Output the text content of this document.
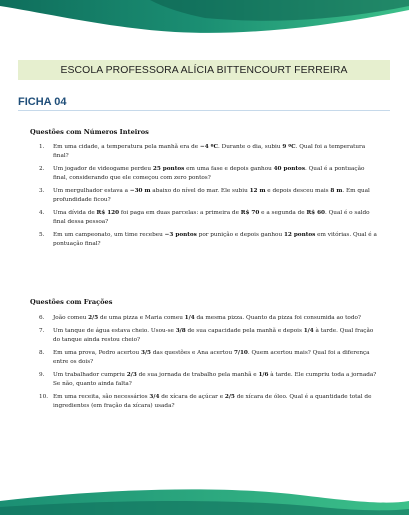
ESCOLA PROFESSORA ALÍCIA BITTENCOURT FERREIRA
FICHA 04
Questões com Números Inteiros
1.	Em uma cidade, a temperatura pela manhã era de −4 ºC. Durante o dia, subiu 9 ºC. Qual foi a temperatura final?
2.	Um jogador de videogame perdeu 25 pontos em uma fase e depois ganhou 40 pontos. Qual é a pontuação final, considerando que ele começou com zero pontos?
3.	Um mergulhador estava a −30 m abaixo do nível do mar. Ele subiu 12 m e depois desceu mais 8 m. Em qual profundidade ficou?
4.	Uma dívida de R$ 120 foi paga em duas parcelas: a primeira de R$ 70 e a segunda de R$ 60. Qual é o saldo final dessa pessoa?
5.	Em um campeonato, um time recebeu −3 pontos por punição e depois ganhou 12 pontos em vitórias. Qual é a pontuação final?
Questões com Frações
6.	João comeu 2/5 de uma pizza e Maria comeu 1/4 da mesma pizza. Quanto da pizza foi consumida ao todo?
7.	Um tanque de água estava cheio. Usou-se 3/8 de sua capacidade pela manhã e depois 1/4 à tarde. Qual fração do tanque ainda restou cheio?
8.	Em uma prova, Pedro acertou 3/5 das questões e Ana acertou 7/10. Quem acertou mais? Qual foi a diferença entre os dois?
9.	Um trabalhador cumpriu 2/3 de sua jornada de trabalho pela manhã e 1/6 à tarde. Ele cumpriu toda a jornada? Se não, quanto ainda falta?
10. Em uma receita, são necessários 3/4 de xícara de açúcar e 2/5 de xícara de óleo. Qual é a quantidade total de ingredientes (em fração da xícara) usada?
